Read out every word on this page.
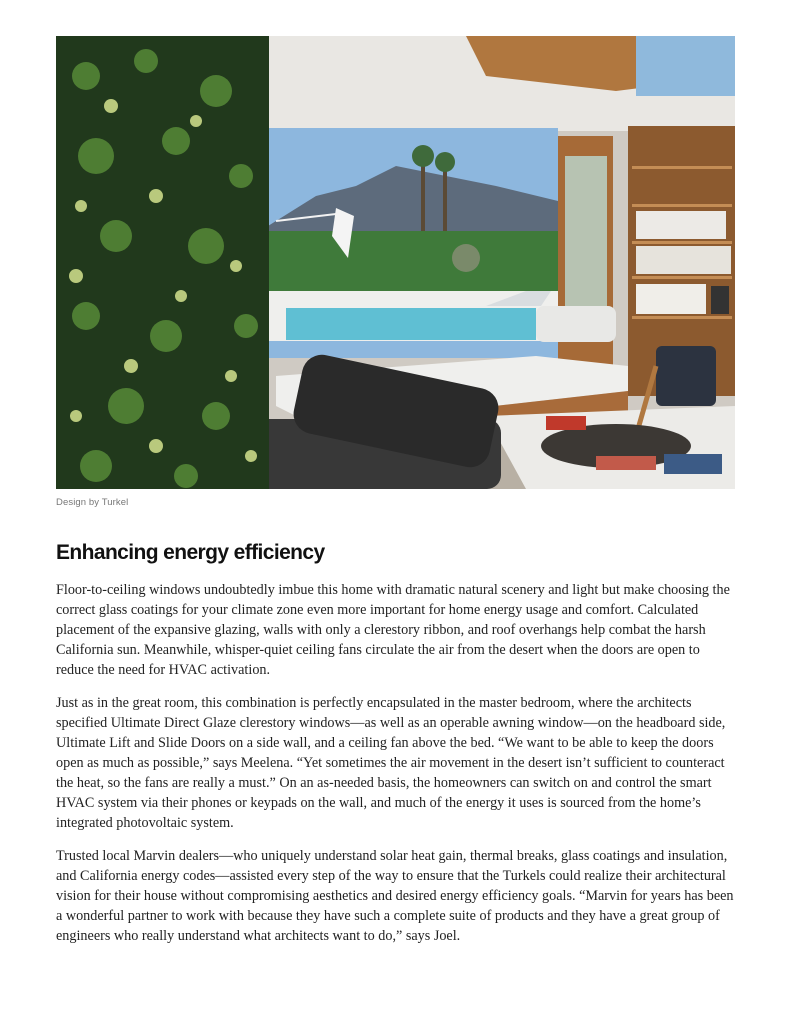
Design by Turkel
Enhancing energy efficiency

Floor-to-ceiling windows undoubtedly imbue this home with dramatic natural scenery and light but make choosing the correct glass coatings for your climate zone even more important for home energy usage and comfort. Calculated placement of the expansive glazing, walls with only a clerestory ribbon, and roof overhangs help combat the harsh California sun. Meanwhile, whisper-quiet ceiling fans circulate the air from the desert when the doors are open to reduce the need for HVAC activation.

Just as in the great room, this combination is perfectly encapsulated in the master bedroom, where the architects specified Ultimate Direct Glaze clerestory windows—as well as an operable awning window—on the headboard side, Ultimate Lift and Slide Doors on a side wall, and a ceiling fan above the bed. “We want to be able to keep the doors open as much as possible,” says Meelena. “Yet sometimes the air movement in the desert isn’t sufficient to counteract the heat, so the fans are really a must.” On an as-needed basis, the homeowners can switch on and control the smart HVAC system via their phones or keypads on the wall, and much of the energy it uses is sourced from the home’s integrated photovoltaic system.

Trusted local Marvin dealers—who uniquely understand solar heat gain, thermal breaks, glass coatings and insulation, and California energy codes—assisted every step of the way to ensure that the Turkels could realize their architectural vision for their house without compromising aesthetics and desired energy efficiency goals. “Marvin for years has been a wonderful partner to work with because they have such a complete suite of products and they have a great group of engineers who really understand what architects want to do,” says Joel.
